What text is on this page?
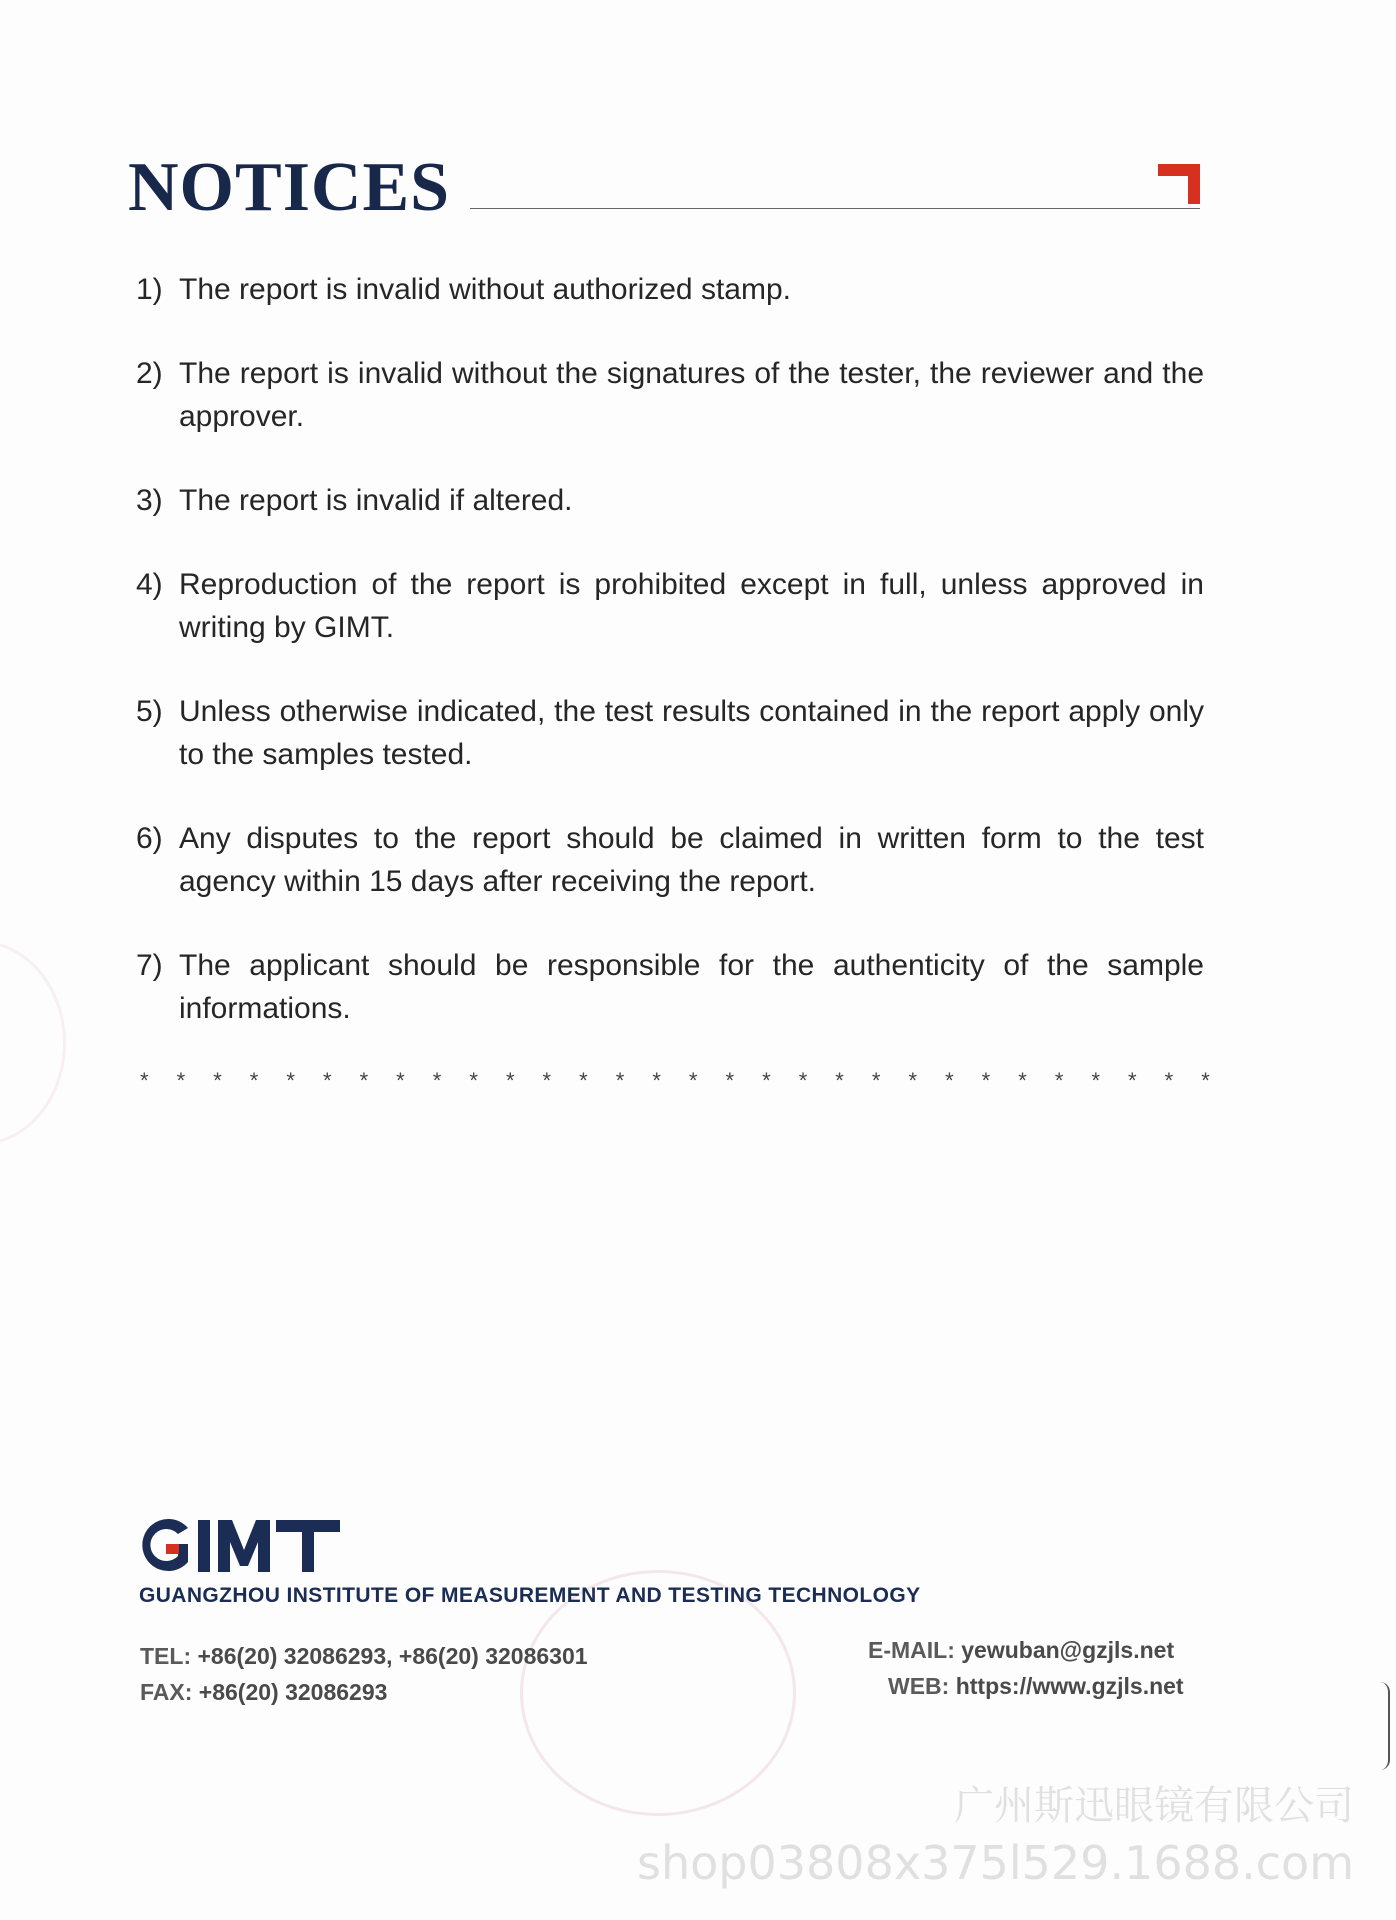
NOTICES
1) The report is invalid without authorized stamp.
2) The report is invalid without the signatures of the tester, the reviewer and the approver.
3) The report is invalid if altered.
4) Reproduction of the report is prohibited except in full, unless approved in writing by GIMT.
5) Unless otherwise indicated, the test results contained in the report apply only to the samples tested.
6) Any disputes to the report should be claimed in written form to the test agency within 15 days after receiving the report.
7) The applicant should be responsible for the authenticity of the sample informations.
* * * * * * * * * * * * * * * * * * * * * * * * * * * * * *
GUANGZHOU INSTITUTE OF MEASUREMENT AND TESTING TECHNOLOGY
TEL: +86(20) 32086293, +86(20) 32086301
FAX: +86(20) 32086293
E-MAIL: yewuban@gzjls.net
WEB: https://www.gzjls.net
广州斯迅眼镜有限公司
shop03808x375l529.1688.com
